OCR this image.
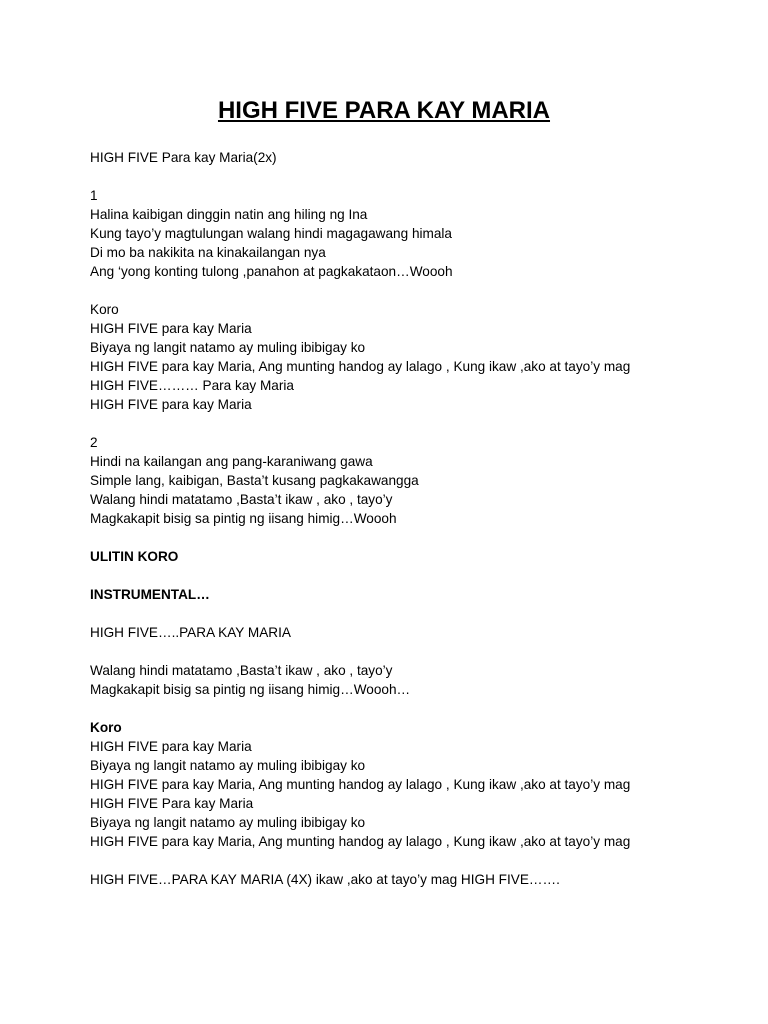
HIGH FIVE PARA KAY MARIA
HIGH FIVE Para kay Maria(2x)
1
Halina kaibigan dinggin natin ang hiling ng Ina
Kung tayo’y magtulungan walang hindi magagawang himala
Di mo ba nakikita na kinakailangan nya
Ang ‘yong konting tulong ,panahon at pagkakataon…Woooh
Koro
HIGH FIVE para kay Maria
Biyaya ng langit natamo ay muling ibibigay ko
HIGH FIVE para kay Maria, Ang munting handog ay lalago , Kung ikaw ,ako at tayo’y mag
HIGH FIVE……… Para kay Maria
HIGH FIVE para kay Maria
2
Hindi na kailangan ang pang-karaniwang gawa
Simple lang, kaibigan, Basta’t kusang pagkakawangga
Walang hindi matatamo ,Basta’t ikaw , ako , tayo’y
Magkakapit bisig sa pintig ng iisang himig…Woooh
ULITIN KORO
INSTRUMENTAL…
HIGH FIVE…..PARA KAY MARIA
Walang hindi matatamo ,Basta’t ikaw , ako , tayo’y
Magkakapit bisig sa pintig ng iisang himig…Woooh…
Koro
HIGH FIVE para kay Maria
Biyaya ng langit natamo ay muling ibibigay ko
HIGH FIVE para kay Maria, Ang munting handog ay lalago , Kung ikaw ,ako at tayo’y mag
HIGH FIVE Para kay Maria
Biyaya ng langit natamo ay muling ibibigay ko
HIGH FIVE para kay Maria, Ang munting handog ay lalago , Kung ikaw ,ako at tayo’y mag
HIGH FIVE…PARA KAY MARIA (4X) ikaw ,ako at tayo’y mag HIGH FIVE…….
